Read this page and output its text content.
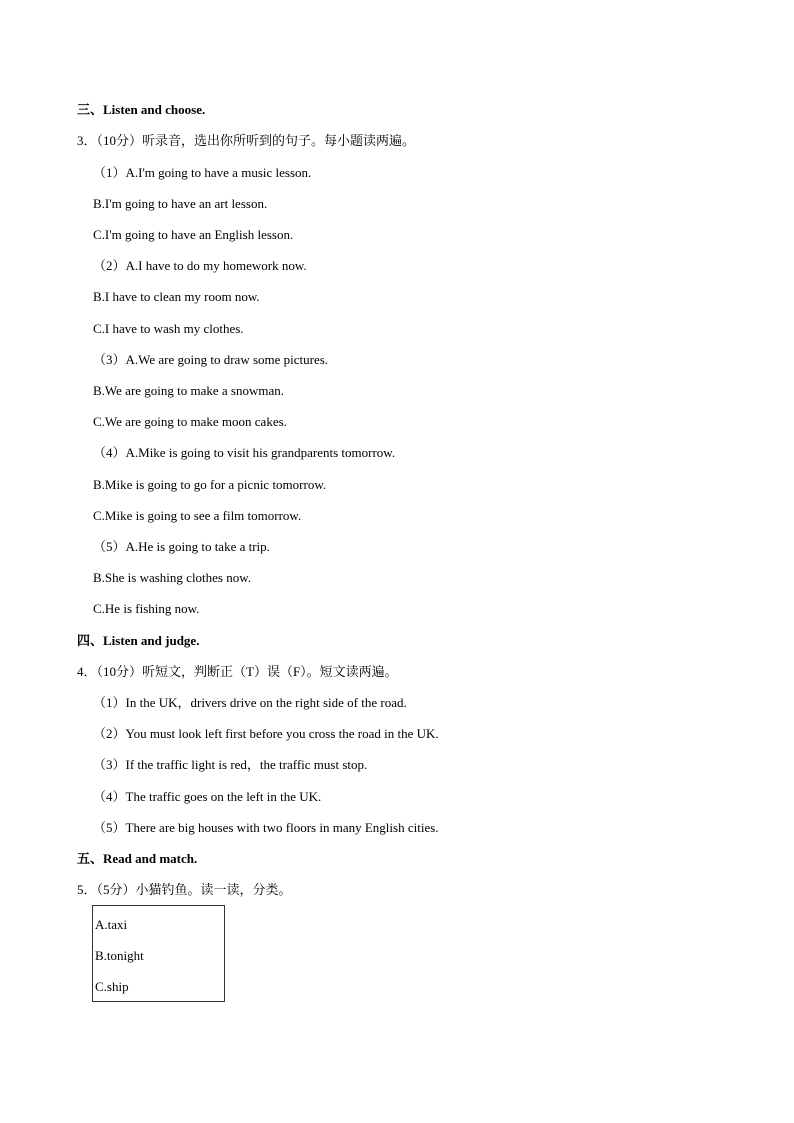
三、Listen and choose.
3．（10分）听录音，选出你所听到的句子。每小题读两遍。
（1）A.I'm going to have a music lesson.
B.I'm going to have an art lesson.
C.I'm going to have an English lesson.
（2）A.I have to do my homework now.
B.I have to clean my room now.
C.I have to wash my clothes.
（3）A.We are going to draw some pictures.
B.We are going to make a snowman.
C.We are going to make moon cakes.
（4）A.Mike is going to visit his grandparents tomorrow.
B.Mike is going to go for a picnic tomorrow.
C.Mike is going to see a film tomorrow.
（5）A.He is going to take a trip.
B.She is washing clothes now.
C.He is fishing now.
四、Listen and judge.
4．（10分）听短文，判断正（T）误（F）。短文读两遍。
（1）In the UK，drivers drive on the right side of the road.
（2）You must look left first before you cross the road in the UK.
（3）If the traffic light is red，the traffic must stop.
（4）The traffic goes on the left in the UK.
（5）There are big houses with two floors in many English cities.
五、Read and match.
5．（5分）小猫钓鱼。读一读，分类。
A.taxi
B.tonight
C.ship
